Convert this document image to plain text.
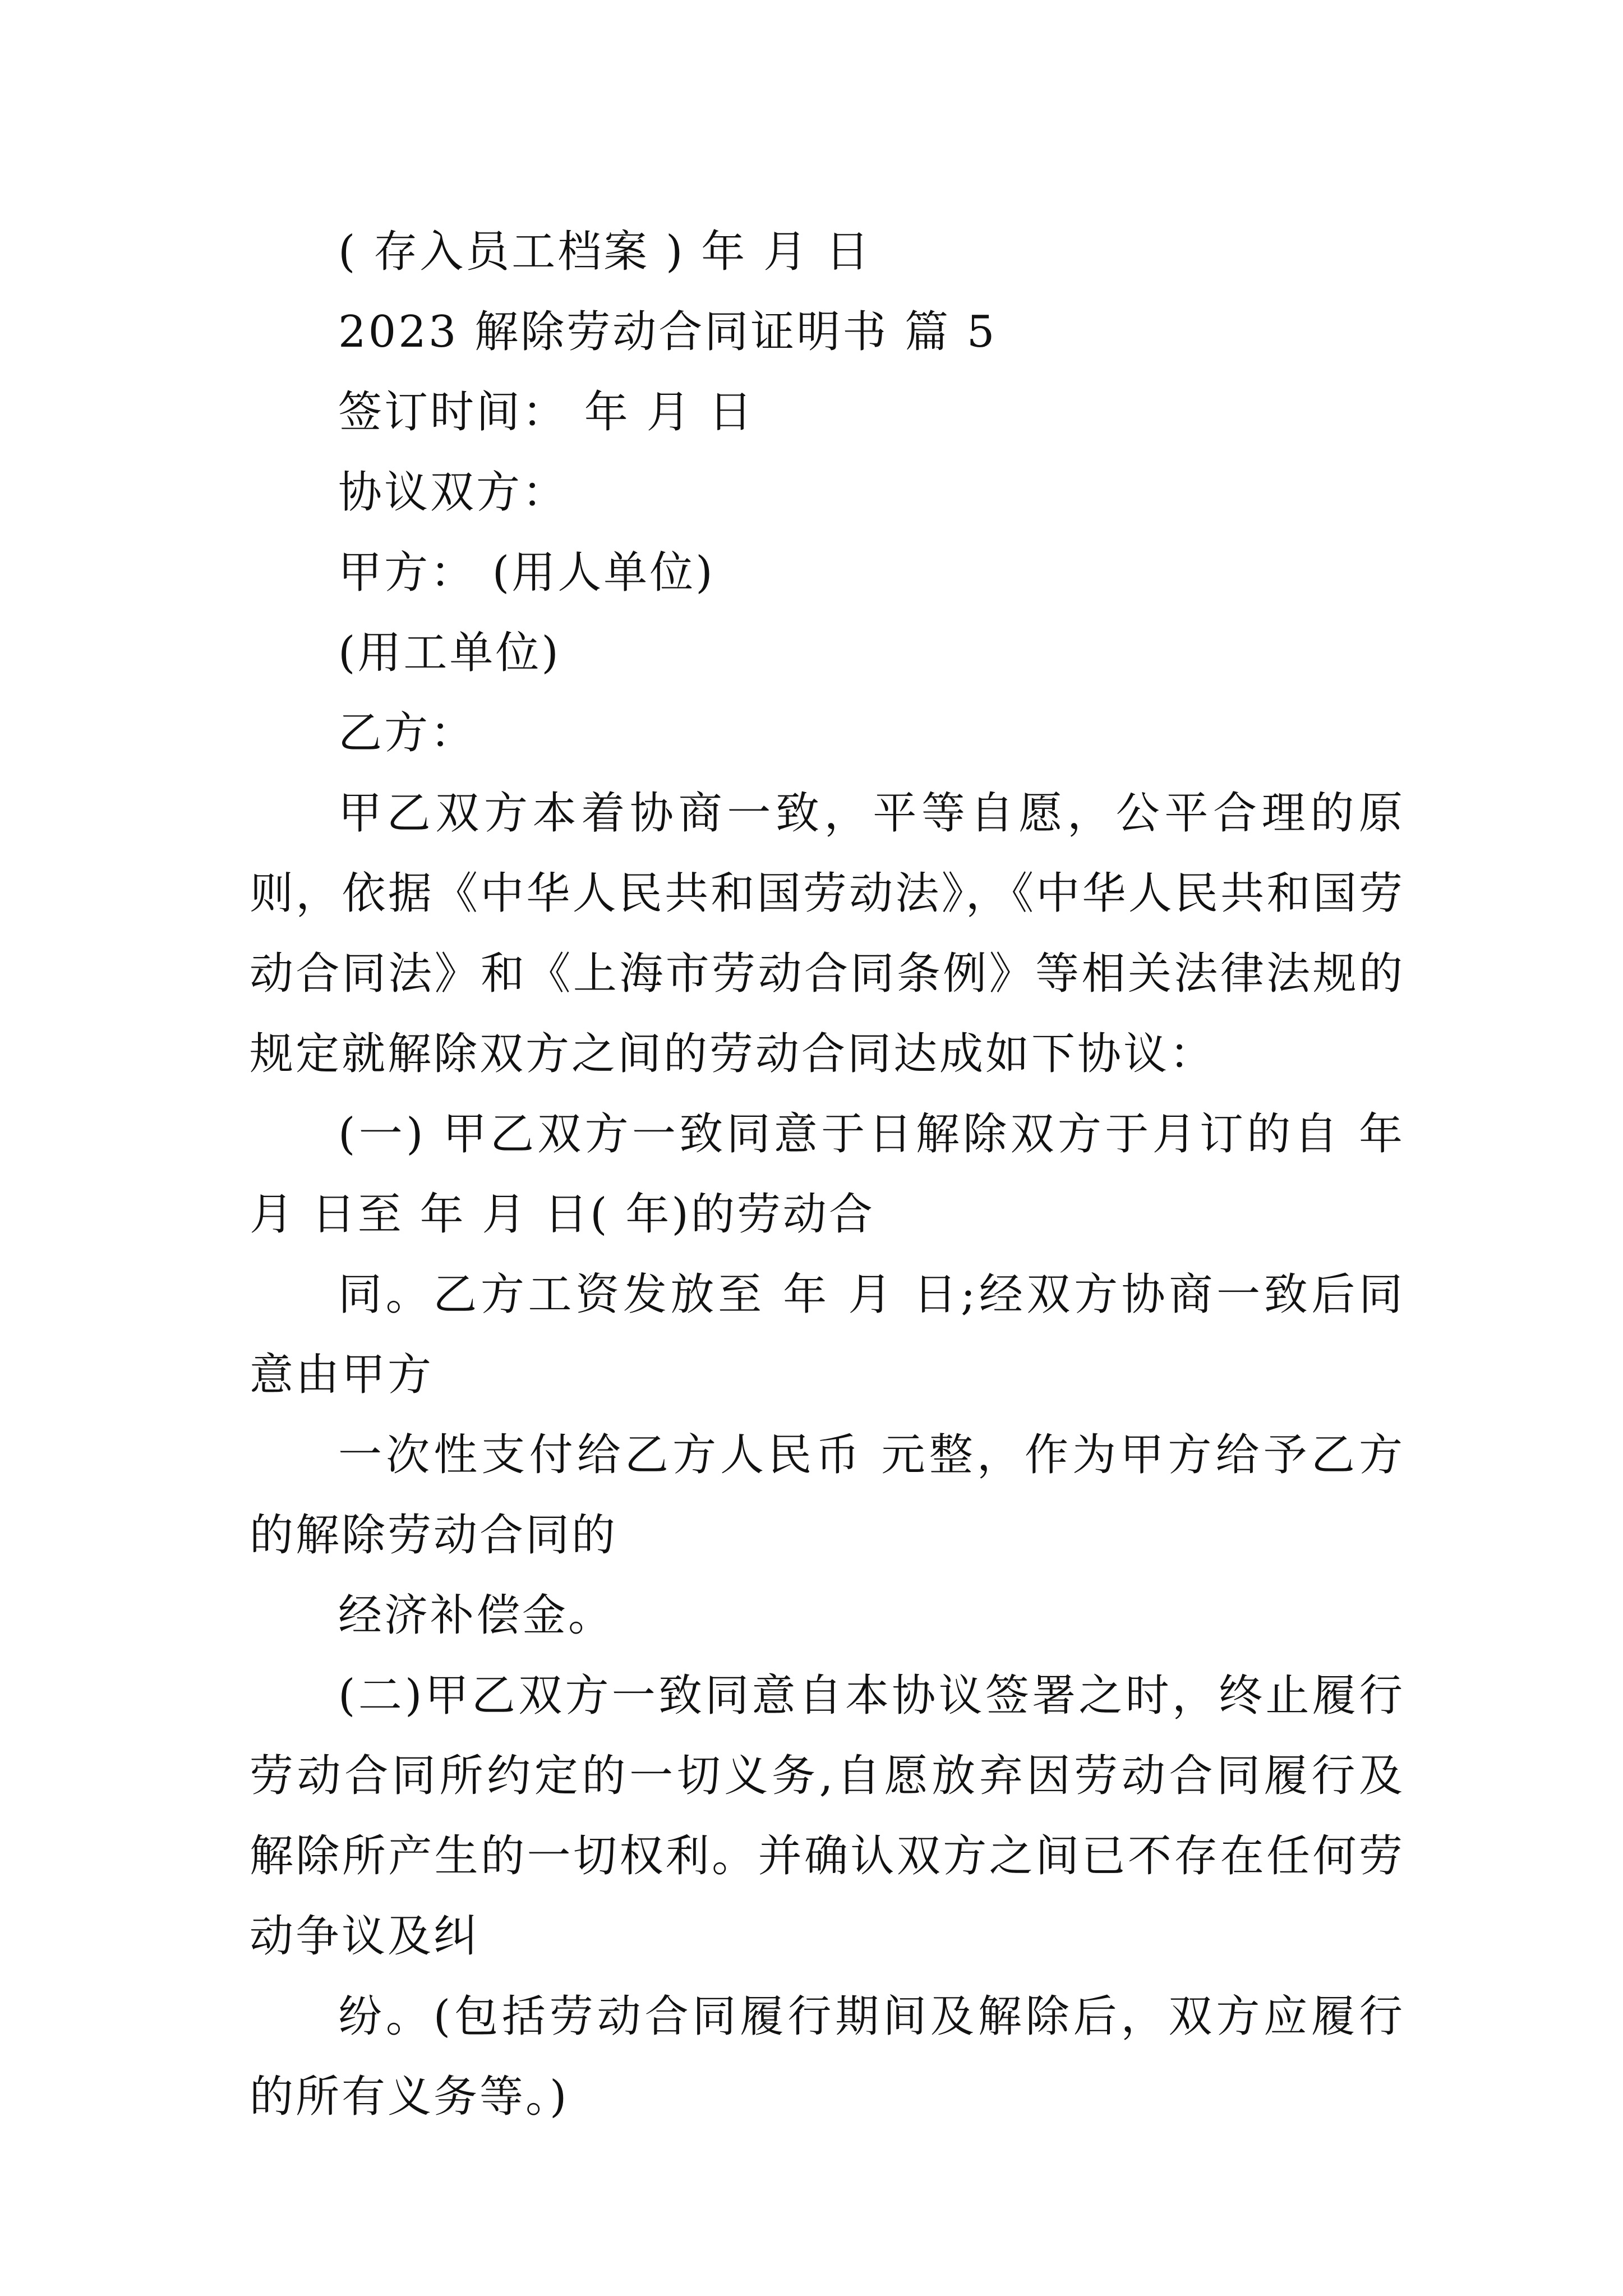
( 存入员工档案 ) 年 月 日

2023 解除劳动合同证明书 篇 5

签订时间： 年 月 日

协议双方：

甲方： (用人单位)

(用工单位)

乙方：

甲乙双方本着协商一致，平等自愿，公平合理的原则，依据《中华人民共和国劳动法》，《中华人民共和国劳动合同法》和《上海市劳动合同条例》等相关法律法规的规定就解除双方之间的劳动合同达成如下协议：

(一) 甲乙双方一致同意于日解除双方于月订的自 年 月 日至 年 月 日( 年)的劳动合

同。乙方工资发放至 年 月 日;经双方协商一致后同意由甲方

一次性支付给乙方人民币 元整，作为甲方给予乙方的解除劳动合同的

经济补偿金。

(二)甲乙双方一致同意自本协议签署之时，终止履行劳动合同所约定的一切义务,自愿放弃因劳动合同履行及解除所产生的一切权利。并确认双方之间已不存在任何劳动争议及纠

纷。(包括劳动合同履行期间及解除后，双方应履行的所有义务等。)
